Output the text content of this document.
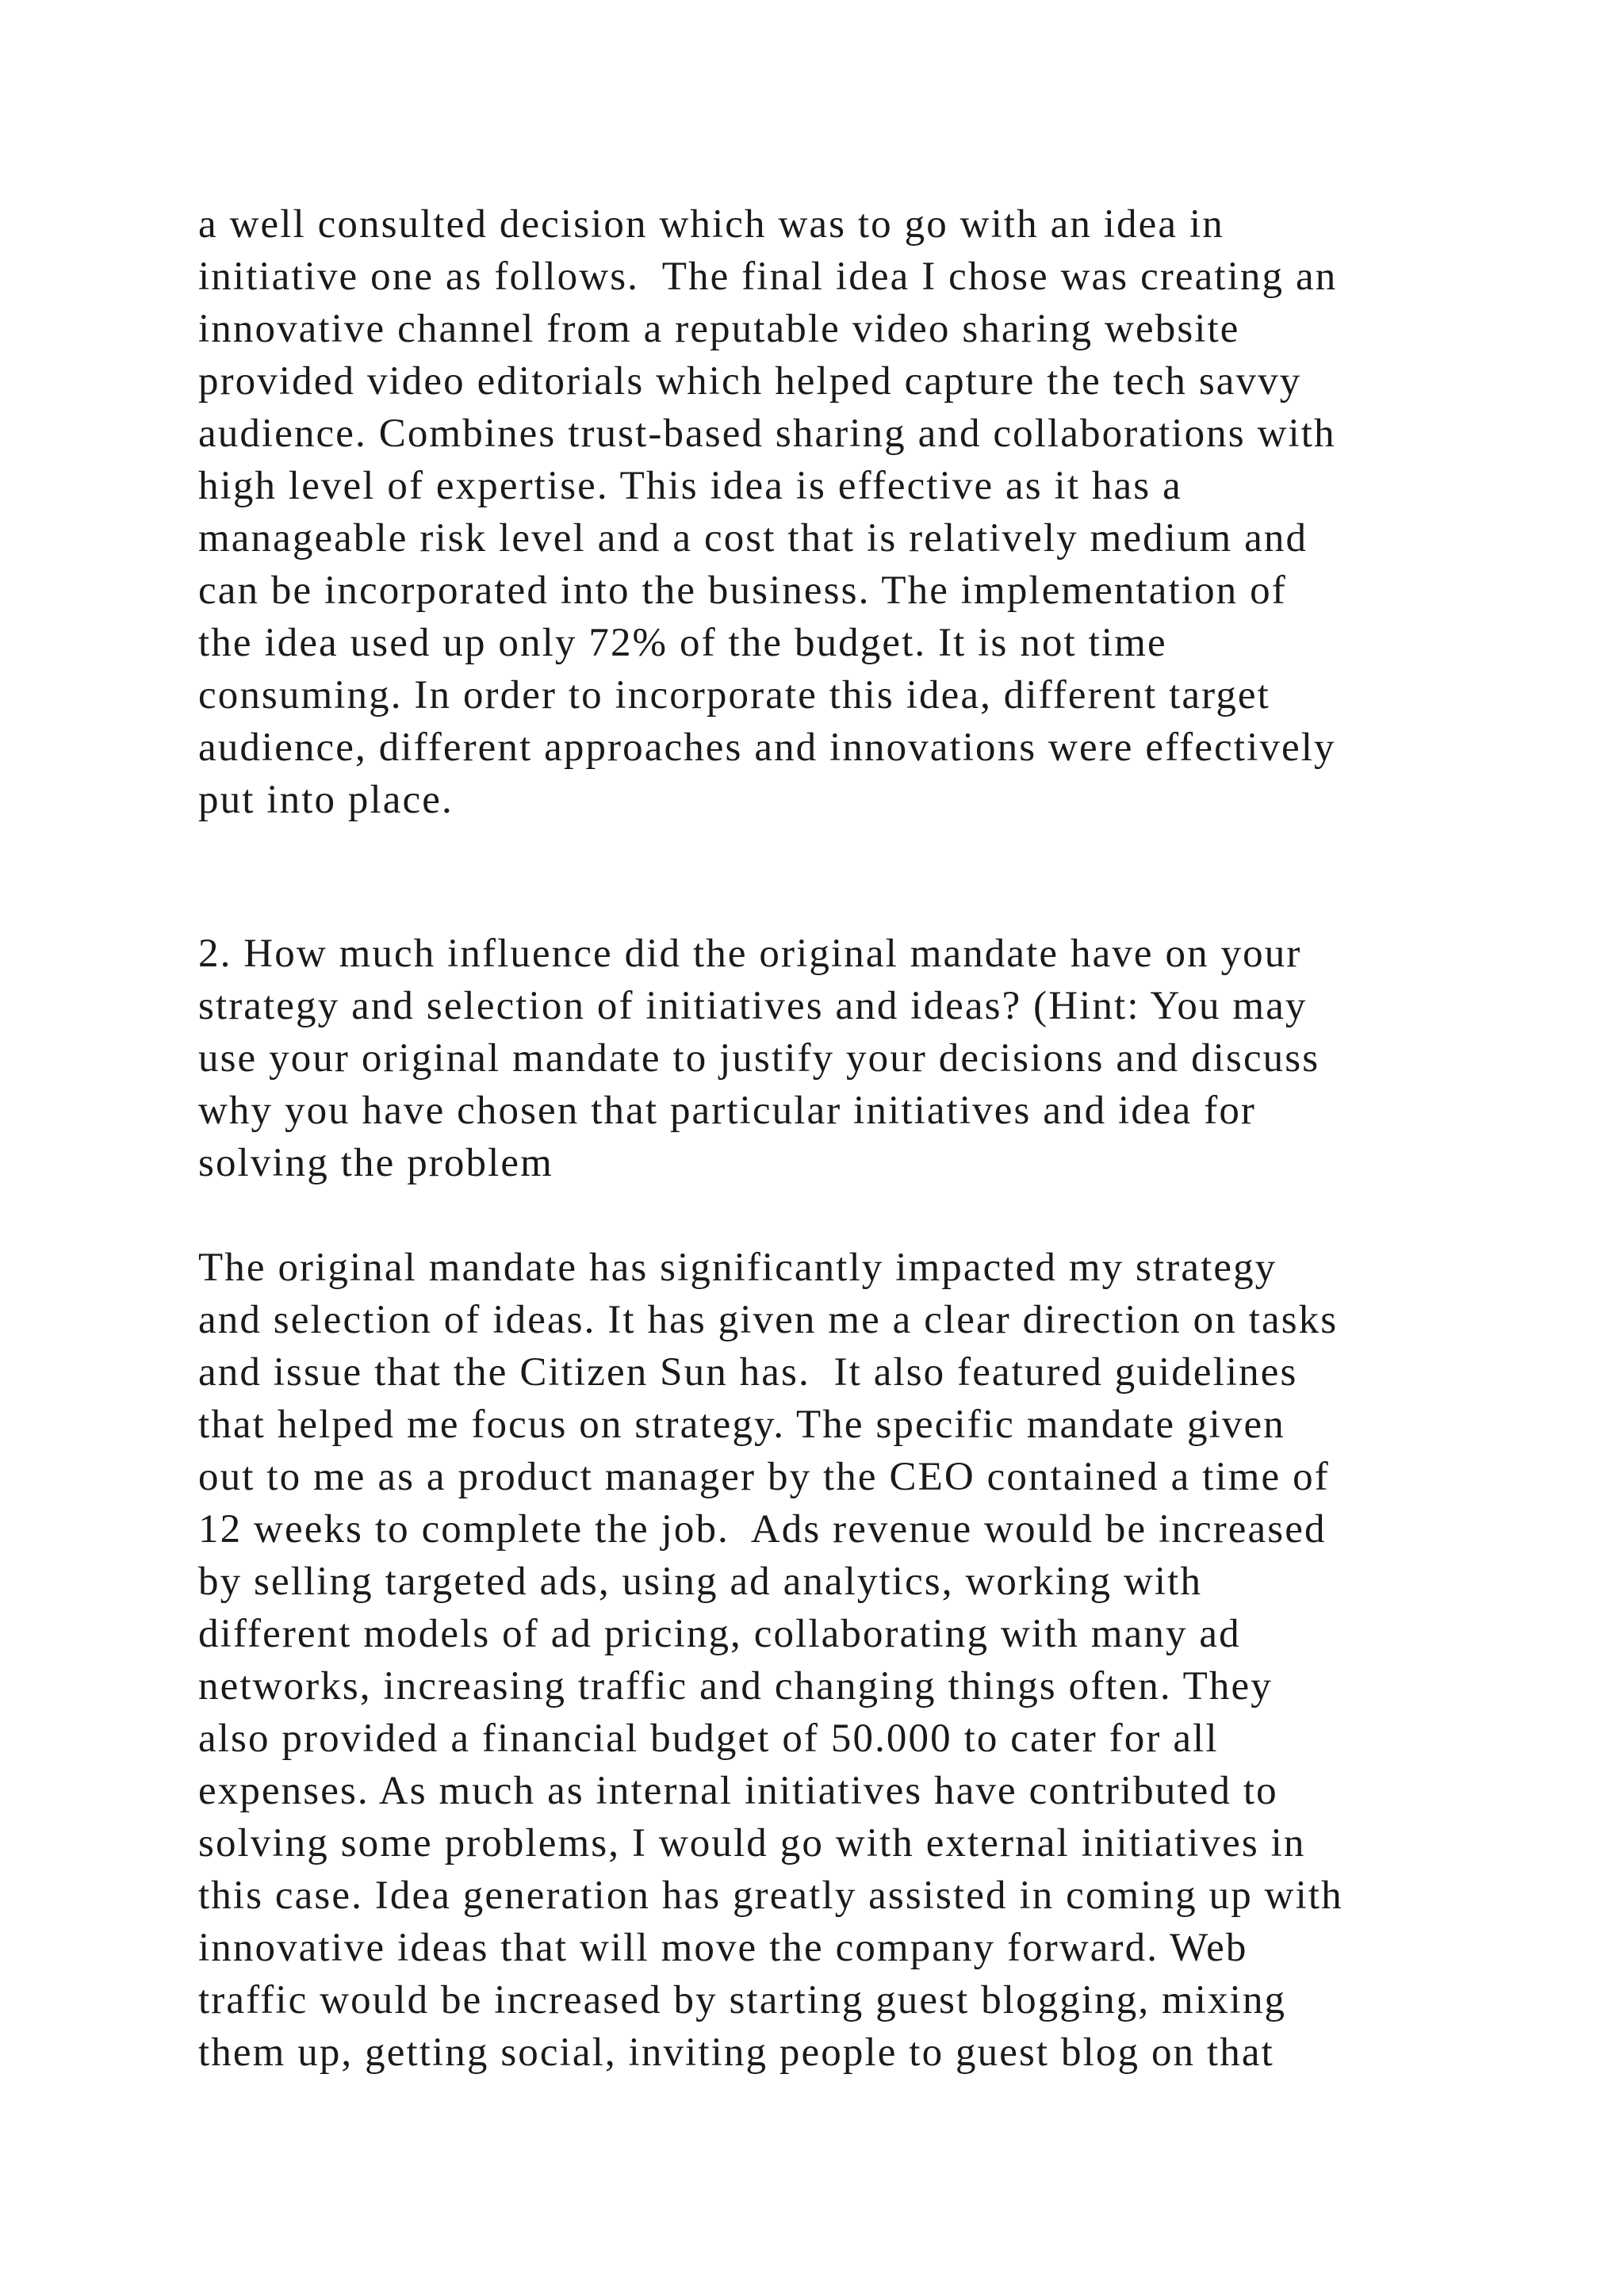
a well consulted decision which was to go with an idea in
initiative one as follows.  The final idea I chose was creating an
innovative channel from a reputable video sharing website
provided video editorials which helped capture the tech savvy
audience. Combines trust-based sharing and collaborations with
high level of expertise. This idea is effective as it has a
manageable risk level and a cost that is relatively medium and
can be incorporated into the business. The implementation of
the idea used up only 72% of the budget. It is not time
consuming. In order to incorporate this idea, different target
audience, different approaches and innovations were effectively
put into place.

2. How much influence did the original mandate have on your
strategy and selection of initiatives and ideas? (Hint: You may
use your original mandate to justify your decisions and discuss
why you have chosen that particular initiatives and idea for
solving the problem

The original mandate has significantly impacted my strategy
and selection of ideas. It has given me a clear direction on tasks
and issue that the Citizen Sun has.  It also featured guidelines
that helped me focus on strategy. The specific mandate given
out to me as a product manager by the CEO contained a time of
12 weeks to complete the job.  Ads revenue would be increased
by selling targeted ads, using ad analytics, working with
different models of ad pricing, collaborating with many ad
networks, increasing traffic and changing things often. They
also provided a financial budget of 50.000 to cater for all
expenses. As much as internal initiatives have contributed to
solving some problems, I would go with external initiatives in
this case. Idea generation has greatly assisted in coming up with
innovative ideas that will move the company forward. Web
traffic would be increased by starting guest blogging, mixing
them up, getting social, inviting people to guest blog on that
